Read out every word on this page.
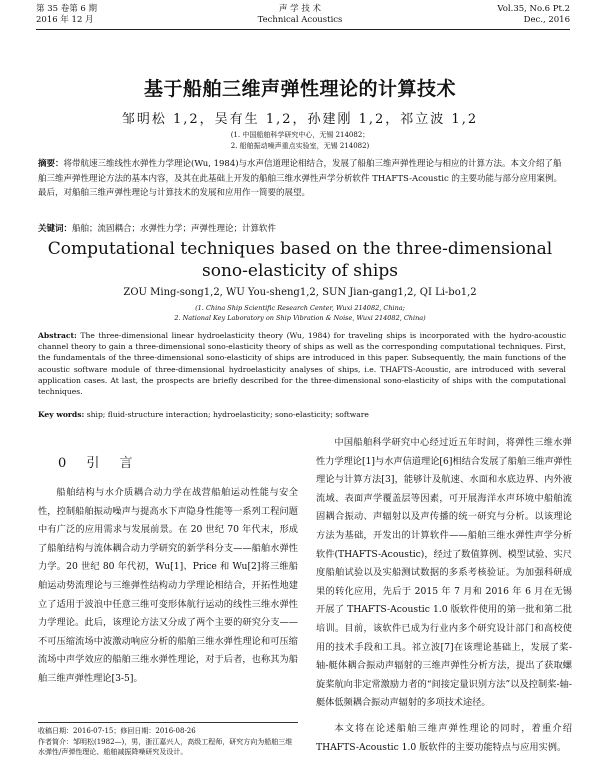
第 35 卷第 6 期
2016 年 12 月
声 学 技 术
Technical Acoustics
Vol.35, No.6 Pt.2
Dec., 2016
基于船舶三维声弹性理论的计算技术
邹明松 1,2，吴有生 1,2，孙建刚 1,2，祁立波 1,2
(1. 中国船舶科学研究中心，无锡 214082；
2. 船舶振动噪声重点实验室，无锡 214082)
摘要：将带航速三维线性水弹性力学理论(Wu, 1984)与水声信道理论相结合，发展了船舶三维声弹性理论与相应的计算方法。本文介绍了船舶三维声弹性理论方法的基本内容，及其在此基础上开发的船舶三维水弹性声学分析软件 THAFTS-Acoustic 的主要功能与部分应用案例。最后，对船舶三维声弹性理论与计算技术的发展和应用作一简要的展望。
关键词：船舶；流固耦合；水弹性力学；声弹性理论；计算软件
Computational techniques based on the three-dimensional
sono-elasticity of ships
ZOU Ming-song1,2, WU You-sheng1,2, SUN Jian-gang1,2, QI Li-bo1,2
(1. China Ship Scientific Research Center, Wuxi 214082, China;
2. National Key Laboratory on Ship Vibration & Noise, Wuxi 214082, China)
Abstract: The three-dimensional linear hydroelasticity theory (Wu, 1984) for traveling ships is incorporated with the hydro-acoustic channel theory to gain a three-dimensional sono-elasticity theory of ships as well as the corresponding computational techniques. First, the fundamentals of the three-dimensional sono-elasticity of ships are introduced in this paper. Subsequently, the main functions of the acoustic software module of three-dimensional hydroelasticity analyses of ships, i.e. THAFTS-Acoustic, are introduced with several application cases. At last, the prospects are briefly described for the three-dimensional sono-elasticity of ships with the computational techniques.
Key words: ship; fluid-structure interaction; hydroelasticity; sono-elasticity; software
0 引 言
船舶结构与水介质耦合动力学在战营船舶运动性能与安全性，控制船舶振动噪声与提高水下声隐身性能等一系列工程问题中有广泛的应用需求与发展前景。在 20 世纪 70 年代末，形成了船舶结构与流体耦合动力学研究的新学科分支——船舶水弹性力学。20 世纪 80 年代初，Wu[1]、Price 和 Wu[2]将三维船舶运动势流理论与三维弹性结构动力学理论相结合，开拓性地建立了适用于波浪中任意三维可变形体航行运动的线性三维水弹性力学理论。此后，该理论方法又分成了两个主要的研究分支——不可压缩流场中波激动响应分析的船舶三维水弹性理论和可压缩流场中声学效应的船舶三维水弹性理论，对于后者，也称其为船舶三维声弹性理论[3-5]。
中国船舶科学研究中心经过近五年时间，将弹性三维水弹性力学理论[1]与水声信道理论[6]相结合发展了船舶三维声弹性理论与计算方法[3]，能够计及航速、水面和水底边界、内外液流域、表面声学覆盖层等因素，可开展海洋水声环境中船舶流固耦合振动、声辐射以及声传播的统一研究与分析。以该理论方法为基础，开发出的计算软件——船舶三维水弹性声学分析软件(THAFTS-Acoustic)，经过了数值算例、模型试验、实尺度船舶试验以及实船测试数据的多系考核验证。为加强科研成果的转化应用，先后于 2015 年 7 月和 2016 年 6 月在无锡开展了 THAFTS-Acoustic 1.0 版软件使用的第一批和第二批培训。目前，该软件已成为行业内多个研究设计部门和高校使用的技术手段和工具。祁立波[7]在该理论基础上，发展了桨-轴-艇体耦合振动声辐射的三维声弹性分析方法，提出了获取螺旋桨航向非定常激励力者的“间接定量识别方法”以及控制桨-轴-艇体低频耦合振动声辐射的多项技术途径。
本文将在论述船舶三维声弹性理论的同时，着重介绍 THAFTS-Acoustic 1.0 版软件的主要功能特点与应用实例。
收稿日期：2016-07-15；修回日期：2016-08-26
作者简介：邹明松(1982—)，男，浙江嘉兴人，高级工程师，研究方向为船舶三维水弹性/声弹性理论、船舶减振降噪研究及设计。
